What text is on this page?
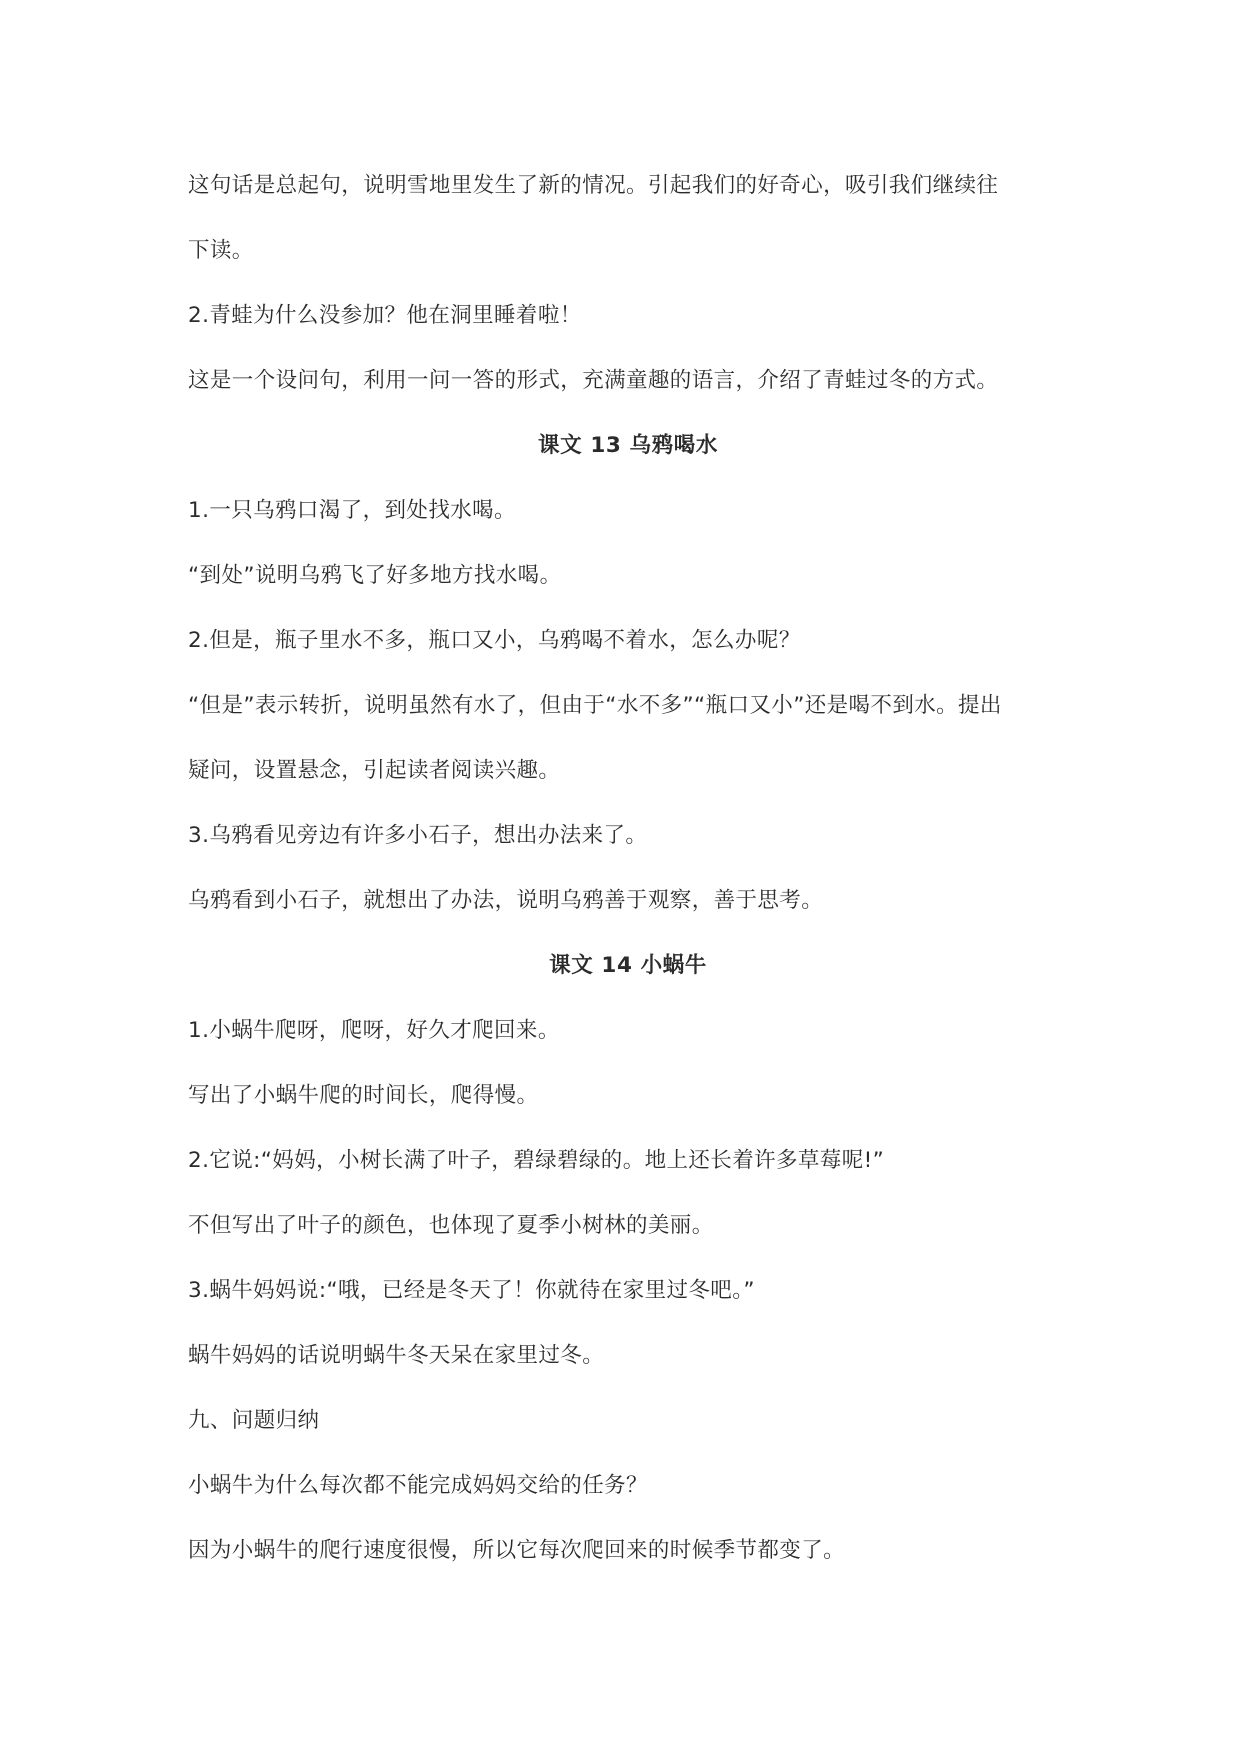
这句话是总起句，说明雪地里发生了新的情况。引起我们的好奇心，吸引我们继续往
下读。
2.青蛙为什么没参加？他在洞里睡着啦！
这是一个设问句，利用一问一答的形式，充满童趣的语言，介绍了青蛙过冬的方式。
课文 13 乌鸦喝水
1.一只乌鸦口渴了，到处找水喝。
“到处”说明乌鸦飞了好多地方找水喝。
2.但是，瓶子里水不多，瓶口又小，乌鸦喝不着水，怎么办呢？
“但是”表示转折，说明虽然有水了，但由于“水不多”“瓶口又小”还是喝不到水。提出
疑问，设置悬念，引起读者阅读兴趣。
3.乌鸦看见旁边有许多小石子，想出办法来了。
乌鸦看到小石子，就想出了办法，说明乌鸦善于观察，善于思考。
课文 14 小蜗牛
1.小蜗牛爬呀，爬呀，好久才爬回来。
写出了小蜗牛爬的时间长，爬得慢。
2.它说:“妈妈，小树长满了叶子，碧绿碧绿的。地上还长着许多草莓呢!”
不但写出了叶子的颜色，也体现了夏季小树林的美丽。
3.蜗牛妈妈说:“哦，已经是冬天了！你就待在家里过冬吧。”
蜗牛妈妈的话说明蜗牛冬天呆在家里过冬。
九、问题归纳
小蜗牛为什么每次都不能完成妈妈交给的任务？
因为小蜗牛的爬行速度很慢，所以它每次爬回来的时候季节都变了。
